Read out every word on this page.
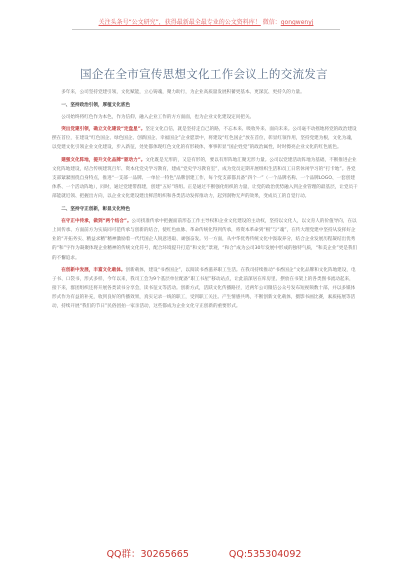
关注头条号“公文研究”，获得最新最全最专业的公文资料库！ 微信：gongwenyj
国企在全市宣传思想文化工作会议上的交流发言

多年来，公司坚持党建引领，文化赋能，立心铸魂，聚力助行，为企业高质量发展积蓄更基本、更深沉、更持久的力量。

一、坚持政治引领，厚植文化底色

公司始终将红色作为本色，作为信仰，融入企业工作的方方面面，也为企业文化建设定问把关。

突出党建引领，确立文化建设“定盘星”。坚定文化自信，就是坚持走自己的路，不忘本来、吸收外来、面向未来。公司毫不动摇地将党的政治建设摆在首位，在建设“红色国企、绿色国企、创新国企、幸福国企”企业愿景中，将建设“红色国企”放在首位，彰显红领作用，坚持党建为根，文化为魂，以党建文化引领企业文化建设，步入新征，处处都体现红色文化的有形载体，事事彰显“国企姓党”的政治属性，时时擦亮企业文化的红色底色。

建强文化阵地，提升文化品牌“驱动力”。文化既是无形的，又是有形的，要以有形阵地汇聚无形力量。公司以党建活动阵地为基础，不断推进企业文化阵地建设，结合传统建筑百年、资本化党史学习教育，建成“党史学习教育室”，成为党员定期开展组织生活和员工日常休闲学习的“打卡地”。各党支部紧紧围绕自身特点，推进“一支部一品牌、一单位一特色”品牌创建工作，每个党支部都具备“四个一”（一个品牌名称、一个品牌LOGO、一套创建体系、一个活动阵地），同时，通过党建带群建，创建“五好”班组。正是通过不断强化组织的力量，让党的政治优势融入到企业管理的最基层，让党员干部能就近领、把握出方向，以企业文化建设建出鲜活组织和各类活动发挥推动力，起到润物无声的效果，变成员工的自觉行动。

二、坚持守正创新，彰显文化特色

在守正中传承，做到“两个结合”。公司找准传承中把握面前形态工作主导权和企业文化建设的主动权，坚持以文化人，以文育人的价值导向，在以上同传承、方面前方为实质同可范传承与创新的结合，使红色血脉、革命传统化得到传承，将资本革命到“根”与“魂”，在传大理党建中坚持从发挥好企业的“开拓务实、精益求精”精神激励着一代代国企人锐意进取、顽强奋发。另一方面，从中华优秀传统文化中汲取养分，结合企业发展历程凝结出优秀的“和”字作为凝聚体现企业精神的传统文化符号，配合环境提升打造“和文化”景观，“和合”成为公司30年发展中形成的独特气质，“和美企业”更是我们的不懈追求。

在创新中发展，丰富文化载体。创新载体，建设“书香国企”，以阅读书香滋养职工生活。在我司持续推动“书香国企”文化品牌和文化阵地建设，电子书、口袋书，形式多样，今年以来，我司工会为9个基层单位配备“职工书屋”移动站点，让此前深居在库房里、摆放在书架上的各类图书流动起来，接下来，群团组织还将开展各类读书分享会，读书征文等活动。创新方式，活跃文化传播路径，近两年公司微信公众号发布短视频数十部，并以多媒体形式作为有益的补充，收到良好的传播效果，真实记录一线的职工，受到职工关注。产生情感共鸣，不断创新文化载体，摄影书画比赛，素质拓展等活动，持续开展“我们的节日”民俗团拍一家亲活动，这些都成为企业文化守正创新的重要形式。

QQ群：30265665	QQ:535304092
